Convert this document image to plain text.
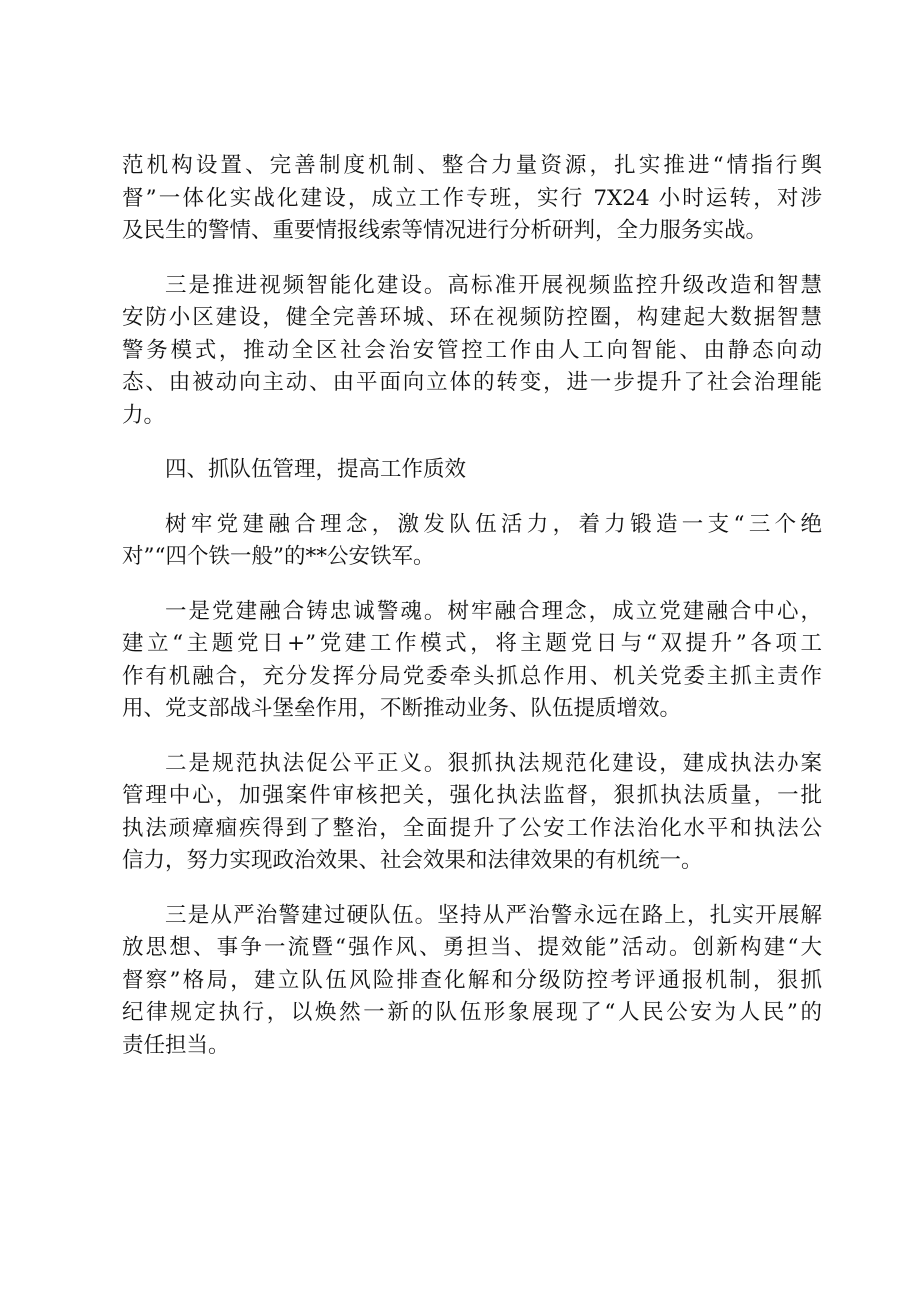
范机构设置、完善制度机制、整合力量资源，扎实推进“情指行舆
督”一体化实战化建设，成立工作专班，实行 7X24 小时运转，对涉
及民生的警情、重要情报线索等情况进行分析研判，全力服务实战。
三是推进视频智能化建设。高标准开展视频监控升级改造和智慧
安防小区建设，健全完善环城、环在视频防控圈，构建起大数据智慧
警务模式，推动全区社会治安管控工作由人工向智能、由静态向动
态、由被动向主动、由平面向立体的转变，进一步提升了社会治理能
力。
四、抓队伍管理，提高工作质效
树牢党建融合理念，激发队伍活力，着力锻造一支“三个绝
对”“四个铁一般”的**公安铁军。
一是党建融合铸忠诚警魂。树牢融合理念，成立党建融合中心，
建立“主题党日+”党建工作模式，将主题党日与“双提升”各项工
作有机融合，充分发挥分局党委牵头抓总作用、机关党委主抓主责作
用、党支部战斗堡垒作用，不断推动业务、队伍提质增效。
二是规范执法促公平正义。狠抓执法规范化建设，建成执法办案
管理中心，加强案件审核把关，强化执法监督，狠抓执法质量，一批
执法顽瘴痼疾得到了整治，全面提升了公安工作法治化水平和执法公
信力，努力实现政治效果、社会效果和法律效果的有机统一。
三是从严治警建过硬队伍。坚持从严治警永远在路上，扎实开展解
放思想、事争一流暨“强作风、勇担当、提效能”活动。创新构建“大
督察”格局，建立队伍风险排查化解和分级防控考评通报机制，狠抓
纪律规定执行，以焕然一新的队伍形象展现了“人民公安为人民”的
责任担当。
